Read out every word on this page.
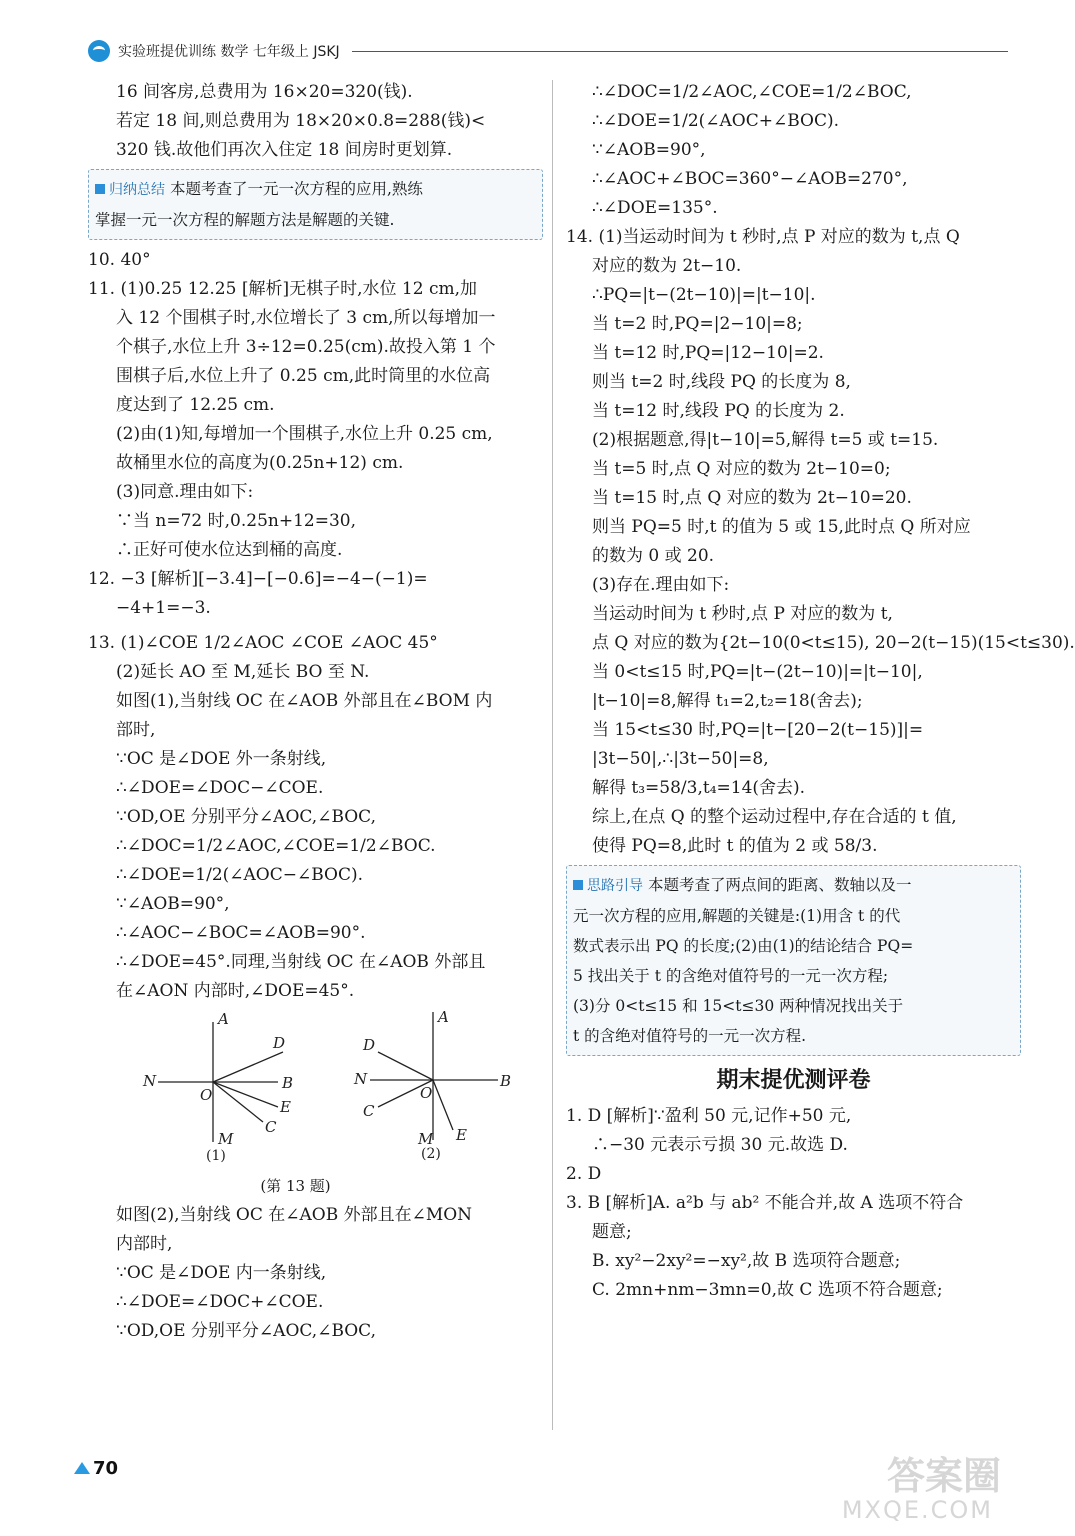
实验班提优训练 数学 七年级上 JSKJ
16 间客房,总费用为 16×20=320(钱).
若定 18 间,则总费用为 18×20×0.8=288(钱)<
320 钱.故他们再次入住定 18 间房时更划算.
归纳总结 本题考查了一元一次方程的应用,熟练
掌握一元一次方程的解题方法是解题的关键.
10. 40°
11. (1)0.25 12.25 [解析]无棋子时,水位 12 cm,加
入 12 个围棋子时,水位增长了 3 cm,所以每增加一
个棋子,水位上升 3÷12=0.25(cm).故投入第 1 个
围棋子后,水位上升了 0.25 cm,此时筒里的水位高
度达到了 12.25 cm.
(2)由(1)知,每增加一个围棋子,水位上升 0.25 cm,
故桶里水位的高度为(0.25n+12) cm.
(3)同意.理由如下:
∵当 n=72 时,0.25n+12=30,
∴正好可使水位达到桶的高度.
12. −3 [解析][−3.4]−[−0.6]=−4−(−1)=
−4+1=−3.
13. (1)∠COE 1/2∠AOC ∠COE ∠AOC 45°
(2)延长 AO 至 M,延长 BO 至 N.
如图(1),当射线 OC 在∠AOB 外部且在∠BOM 内
部时,
∵OC 是∠DOE 外一条射线,
∴∠DOE=∠DOC−∠COE.
∵OD,OE 分别平分∠AOC,∠BOC,
∴∠DOC=1/2∠AOC,∠COE=1/2∠BOC.
∴∠DOE=1/2(∠AOC−∠BOC).
∵∠AOB=90°,
∴∠AOC−∠BOC=∠AOB=90°.
∴∠DOE=45°.同理,当射线 OC 在∠AOB 外部且
在∠AON 内部时,∠DOE=45°.
A
D
N
O
B
E
C
M
A
D
N
O
B
C
M E
(1)	(2)
(第 13 题)
如图(2),当射线 OC 在∠AOB 外部且在∠MON
内部时,
∵OC 是∠DOE 内一条射线,
∴∠DOE=∠DOC+∠COE.
∵OD,OE 分别平分∠AOC,∠BOC,
∴∠DOC=1/2∠AOC,∠COE=1/2∠BOC,
∴∠DOE=1/2(∠AOC+∠BOC).
∵∠AOB=90°,
∴∠AOC+∠BOC=360°−∠AOB=270°,
∴∠DOE=135°.
14. (1)当运动时间为 t 秒时,点 P 对应的数为 t,点 Q
对应的数为 2t−10.
∴PQ=|t−(2t−10)|=|t−10|.
当 t=2 时,PQ=|2−10|=8;
当 t=12 时,PQ=|12−10|=2.
则当 t=2 时,线段 PQ 的长度为 8,
当 t=12 时,线段 PQ 的长度为 2.
(2)根据题意,得|t−10|=5,解得 t=5 或 t=15.
当 t=5 时,点 Q 对应的数为 2t−10=0;
当 t=15 时,点 Q 对应的数为 2t−10=20.
则当 PQ=5 时,t 的值为 5 或 15,此时点 Q 所对应
的数为 0 或 20.
(3)存在.理由如下:
当运动时间为 t 秒时,点 P 对应的数为 t,
点 Q 对应的数为{2t−10(0<t≤15), 20−2(t−15)(15<t≤30).
当 0<t≤15 时,PQ=|t−(2t−10)|=|t−10|,
|t−10|=8,解得 t₁=2,t₂=18(舍去);
当 15<t≤30 时,PQ=|t−[20−2(t−15)]|=
|3t−50|,∴|3t−50|=8,
解得 t₃=58/3,t₄=14(舍去).
综上,在点 Q 的整个运动过程中,存在合适的 t 值,
使得 PQ=8,此时 t 的值为 2 或 58/3.
思路引导 本题考查了两点间的距离、数轴以及一
元一次方程的应用,解题的关键是:(1)用含 t 的代
数式表示出 PQ 的长度;(2)由(1)的结论结合 PQ=
5 找出关于 t 的含绝对值符号的一元一次方程;
(3)分 0<t≤15 和 15<t≤30 两种情况找出关于
t 的含绝对值符号的一元一次方程.
期末提优测评卷
1. D [解析]∵盈利 50 元,记作+50 元,
∴−30 元表示亏损 30 元.故选 D.
2. D
3. B [解析]A. a²b 与 ab² 不能合并,故 A 选项不符合
题意;
B. xy²−2xy²=−xy²,故 B 选项符合题意;
C. 2mn+nm−3mn=0,故 C 选项不符合题意;
70	答案圈
MXQE.COM
